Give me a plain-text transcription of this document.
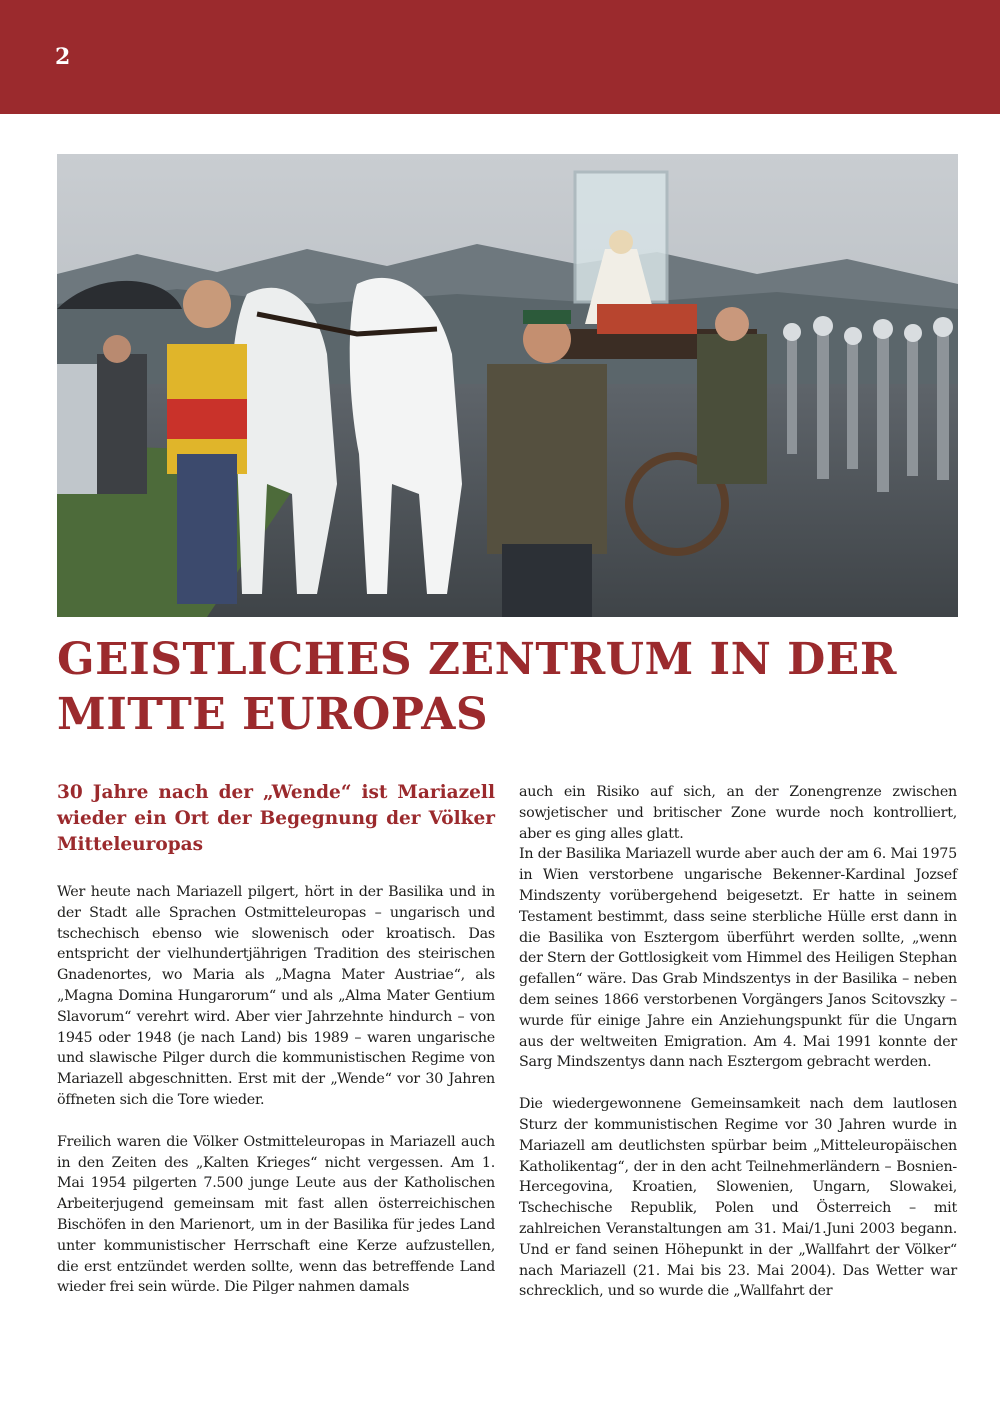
2
GEISTLICHES ZENTRUM IN DER
MITTE EUROPAS
30 Jahre nach der „Wende“ ist Mariazell wieder ein Ort der Begegnung der Völker Mitteleuropas

Wer heute nach Mariazell pilgert, hört in der Basilika und in der Stadt alle Sprachen Ostmitteleuropas – ungarisch und tschechisch ebenso wie slowenisch oder kroatisch. Das entspricht der vielhundertjährigen Tradition des steirischen Gnadenortes, wo Maria als „Magna Mater Austriae“, als „Magna Domina Hungarorum“ und als „Alma Mater Gentium Slavorum“ verehrt wird. Aber vier Jahrzehnte hindurch – von 1945 oder 1948 (je nach Land) bis 1989 – waren ungarische und slawische Pilger durch die kommunistischen Regime von Mariazell abgeschnitten. Erst mit der „Wende“ vor 30 Jahren öffneten sich die Tore wieder.

Freilich waren die Völker Ostmitteleuropas in Mariazell auch in den Zeiten des „Kalten Krieges“ nicht vergessen. Am 1. Mai 1954 pilgerten 7.500 junge Leute aus der Katholischen Arbeiterjugend gemeinsam mit fast allen österreichischen Bischöfen in den Marienort, um in der Basilika für jedes Land unter kommunistischer Herrschaft eine Kerze aufzustellen, die erst entzündet werden sollte, wenn das betreffende Land wieder frei sein würde. Die Pilger nahmen damals

auch ein Risiko auf sich, an der Zonengrenze zwischen sowjetischer und britischer Zone wurde noch kontrolliert, aber es ging alles glatt.

In der Basilika Mariazell wurde aber auch der am 6. Mai 1975 in Wien verstorbene ungarische Bekenner-Kardinal Jozsef Mindszenty vorübergehend beigesetzt. Er hatte in seinem Testament bestimmt, dass seine sterbliche Hülle erst dann in die Basilika von Esztergom überführt werden sollte, „wenn der Stern der Gottlosigkeit vom Himmel des Heiligen Stephan gefallen“ wäre. Das Grab Mindszentys in der Basilika – neben dem seines 1866 verstorbenen Vorgängers Janos Scitovszky – wurde für einige Jahre ein Anziehungspunkt für die Ungarn aus der weltweiten Emigration. Am 4. Mai 1991 konnte der Sarg Mindszentys dann nach Esztergom gebracht werden.

Die wiedergewonnene Gemeinsamkeit nach dem lautlosen Sturz der kommunistischen Regime vor 30 Jahren wurde in Mariazell am deutlichsten spürbar beim „Mitteleuropäischen Katholikentag“, der in den acht Teilnehmerländern – Bosnien-Hercegovina, Kroatien, Slowenien, Ungarn, Slowakei, Tschechische Republik, Polen und Österreich – mit zahlreichen Veranstaltungen am 31. Mai/1.Juni 2003 begann. Und er fand seinen Höhepunkt in der „Wallfahrt der Völker“ nach Mariazell (21. Mai bis 23. Mai 2004). Das Wetter war schrecklich, und so wurde die „Wallfahrt der
